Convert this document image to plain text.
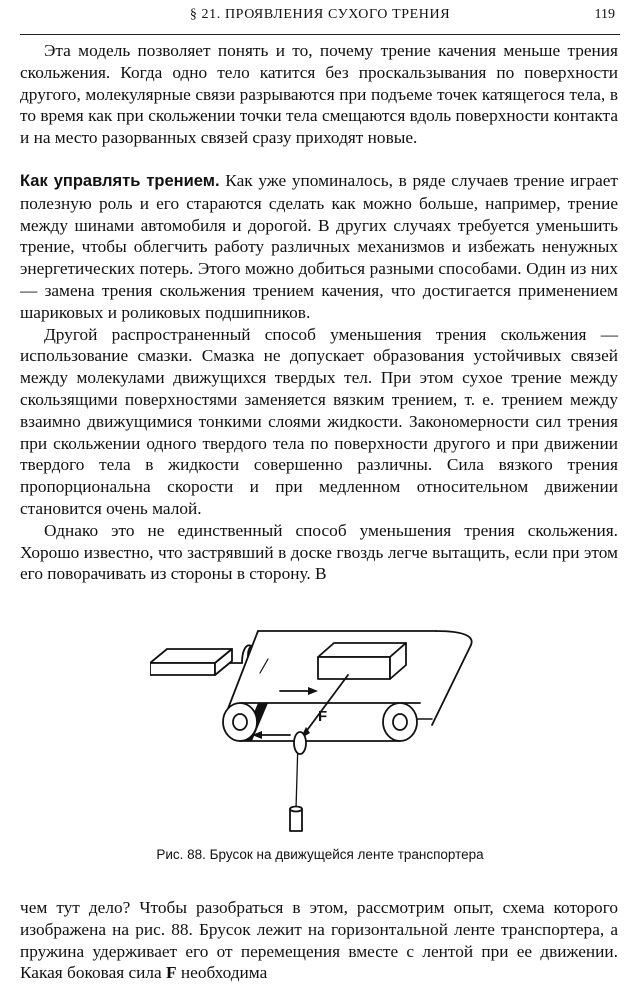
§ 21. ПРОЯВЛЕНИЯ СУХОГО ТРЕНИЯ	119

Эта модель позволяет понять и то, почему трение качения меньше трения скольжения. Когда одно тело катится без проскальзывания по поверхности другого, молекулярные связи разрываются при подъеме точек катящегося тела, в то время как при скольжении точки тела смещаются вдоль поверхности контакта и на место разорванных связей сразу приходят новые.

Как управлять трением. Как уже упоминалось, в ряде случаев трение играет полезную роль и его стараются сделать как можно больше, например, трение между шинами автомобиля и дорогой. В других случаях требуется уменьшить трение, чтобы облегчить работу различных механизмов и избежать ненужных энергетических потерь. Этого можно добиться разными способами. Один из них — замена трения скольжения трением качения, что достигается применением шариковых и роликовых подшипников.

Другой распространенный способ уменьшения трения скольжения — использование смазки. Смазка не допускает образования устойчивых связей между молекулами движущихся твердых тел. При этом сухое трение между скользящими поверхностями заменяется вязким трением, т. е. трением между взаимно движущимися тонкими слоями жидкости. Закономерности сил трения при скольжении одного твердого тела по поверхности другого и при движении твердого тела в жидкости совершенно различны. Сила вязкого трения пропорциональна скорости и при медленном относительном движении становится очень малой.

Однако это не единственный способ уменьшения трения скольжения. Хорошо известно, что застрявший в доске гвоздь легче вытащить, если при этом его поворачивать из стороны в сторону. В

F
Рис. 88. Брусок на движущейся ленте транспортера

чем тут дело? Чтобы разобраться в этом, рассмотрим опыт, схема которого изображена на рис. 88. Брусок лежит на горизонтальной ленте транспортера, а пружина удерживает его от перемещения вместе с лентой при ее движении. Какая боковая сила F необходима
